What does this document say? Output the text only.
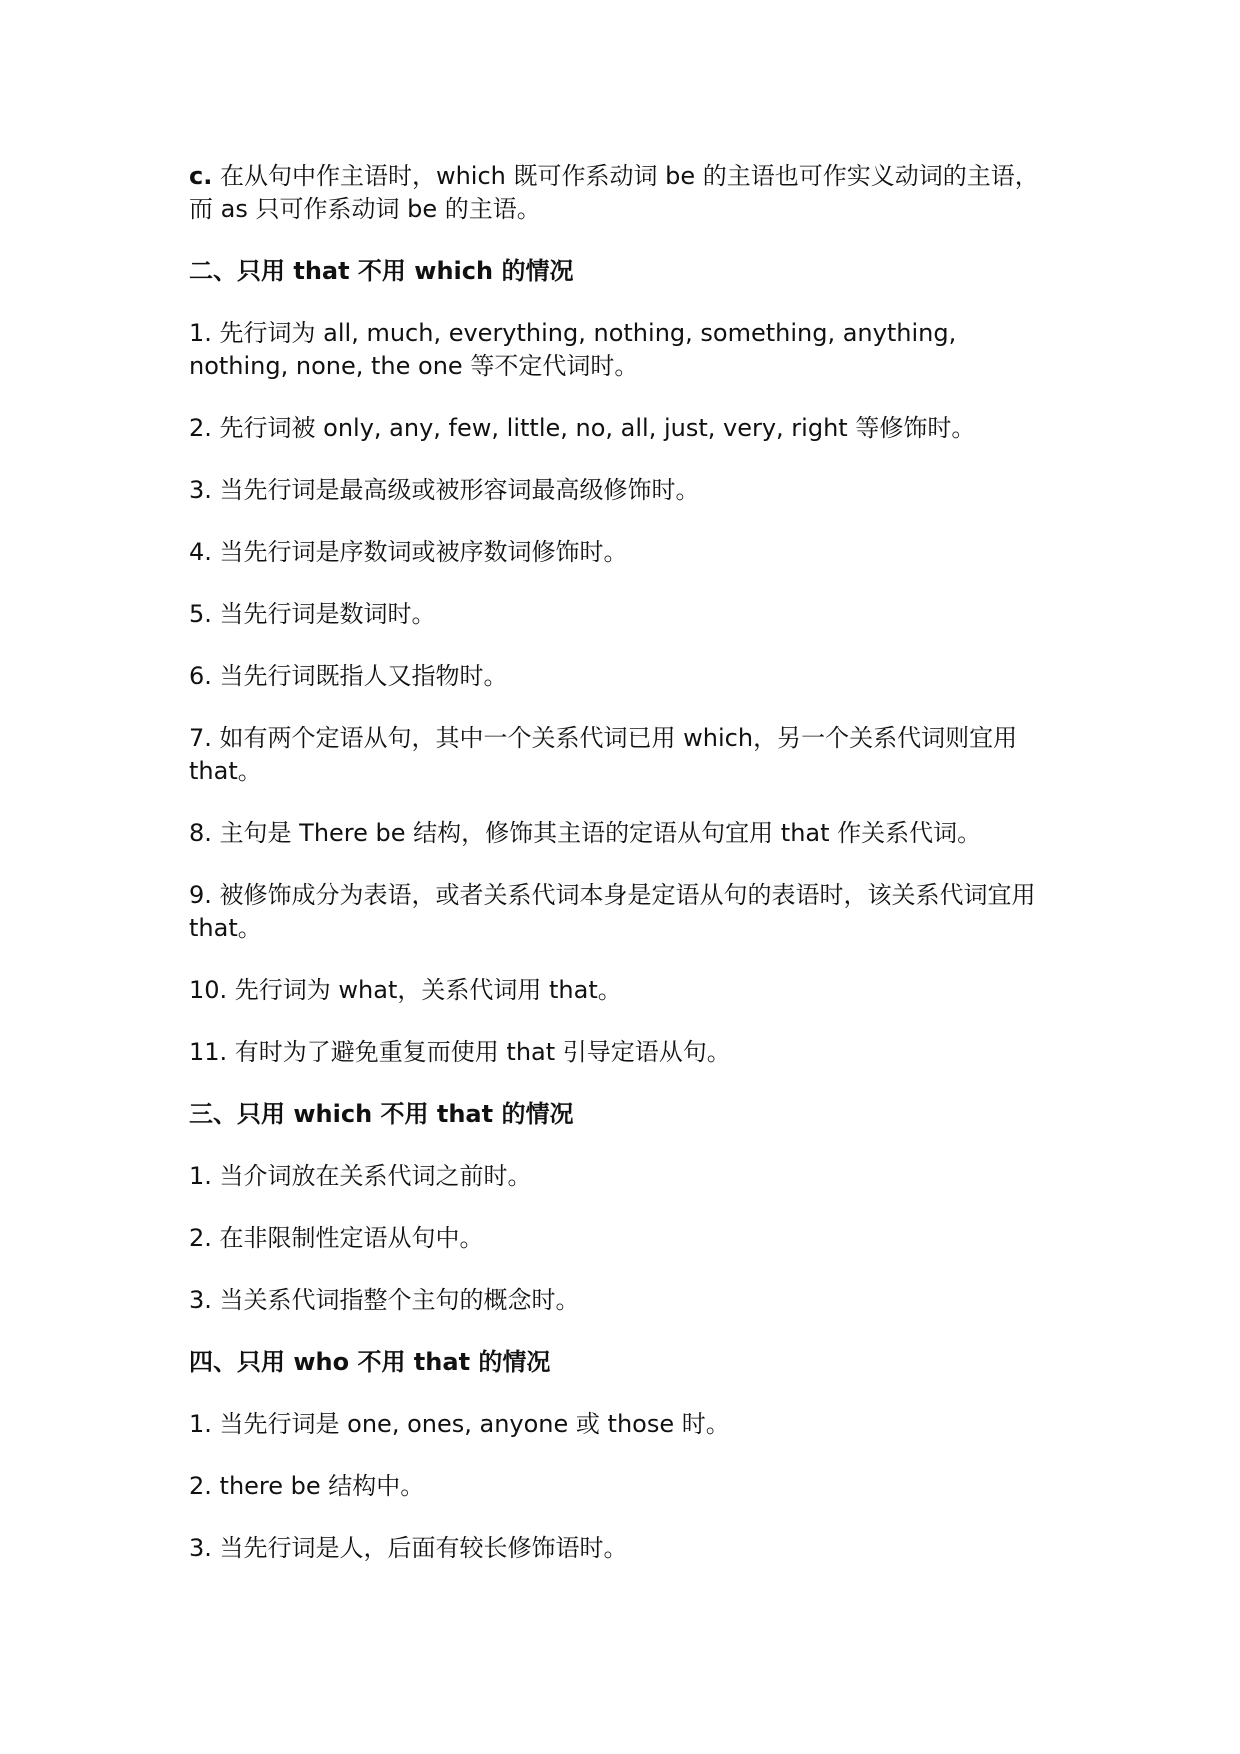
c. 在从句中作主语时，which 既可作系动词 be 的主语也可作实义动词的主语，而 as 只可作系动词 be 的主语。

二、只用 that 不用 which 的情况

1. 先行词为 all, much, everything, nothing, something, anything, nothing, none, the one 等不定代词时。

2. 先行词被 only, any, few, little, no, all, just, very, right 等修饰时。

3. 当先行词是最高级或被形容词最高级修饰时。

4. 当先行词是序数词或被序数词修饰时。

5. 当先行词是数词时。

6. 当先行词既指人又指物时。

7. 如有两个定语从句，其中一个关系代词已用 which，另一个关系代词则宜用 that。

8. 主句是 There be 结构，修饰其主语的定语从句宜用 that 作关系代词。

9. 被修饰成分为表语，或者关系代词本身是定语从句的表语时，该关系代词宜用 that。

10. 先行词为 what，关系代词用 that。

11. 有时为了避免重复而使用 that 引导定语从句。

三、只用 which 不用 that 的情况

1. 当介词放在关系代词之前时。

2. 在非限制性定语从句中。

3. 当关系代词指整个主句的概念时。

四、只用 who 不用 that 的情况

1. 当先行词是 one, ones, anyone 或 those 时。

2. there be 结构中。

3. 当先行词是人，后面有较长修饰语时。
